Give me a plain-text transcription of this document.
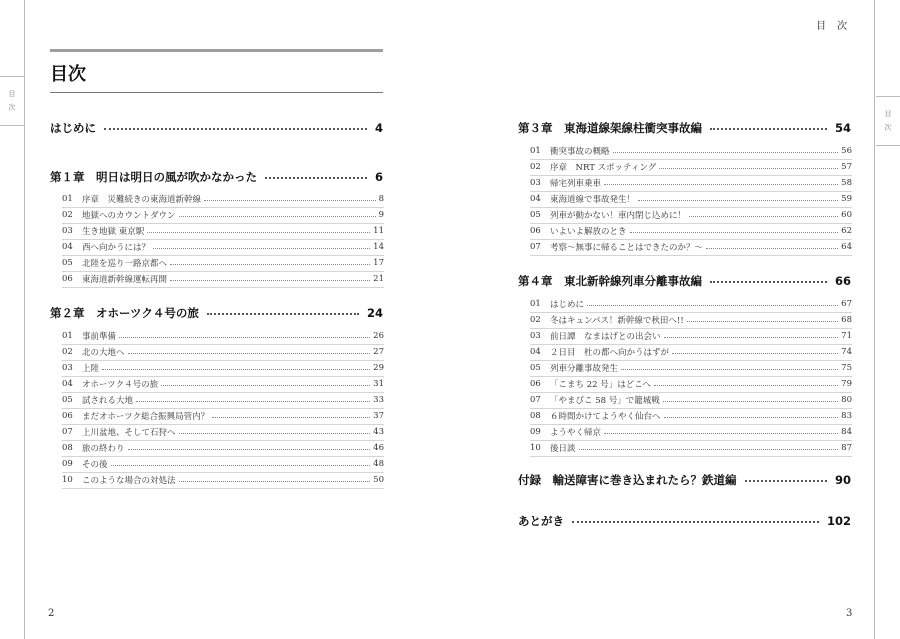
目 次
目次
はじめに	4
第１章　明日は明日の風が吹かなかった	6
01	序章　災難続きの東海道新幹線	8
02	地獄へのカウントダウン	9
03	生き地獄 東京駅	11
04	西へ向かうには？	14
05	北陸を巡り一路京都へ	17
06	東海道新幹線運転再開	21
第２章　オホーツク４号の旅	24
01	事前準備	26
02	北の大地へ	27
03	上陸	29
04	オホーツク４号の旅	31
05	試される大地	33
06	まだオホーツク総合振興局管内？	37
07	上川盆地、そして石狩へ	43
08	旅の終わり	46
09	その後	48
10	このような場合の対処法	50
2
目 次
目 次
第３章　東海道線架線柱衝突事故編	54
01	衝突事故の概略	56
02	序章　NRT スポッティング	57
03	帰宅列車乗車	58
04	東海道線で事故発生！	59
05	列車が動かない！車内閉じ込めに！	60
06	いよいよ解放のとき	62
07	考察～無事に帰ることはできたのか？～	64
第４章　東北新幹線列車分離事故編	66
01	はじめに	67
02	冬はキュンパス！新幹線で秋田へ!!	68
03	前日譚　なまはげとの出会い	71
04	２日目　杜の都へ向かうはずが	74
05	列車分離事故発生	75
06	「こまち 22 号」はどこへ	79
07	「やまびこ 58 号」で籠城戦	80
08	６時間かけてようやく仙台へ	83
09	ようやく帰京	84
10	後日談	87
付録　輸送障害に巻き込まれたら？鉄道編	90
あとがき	102
3
